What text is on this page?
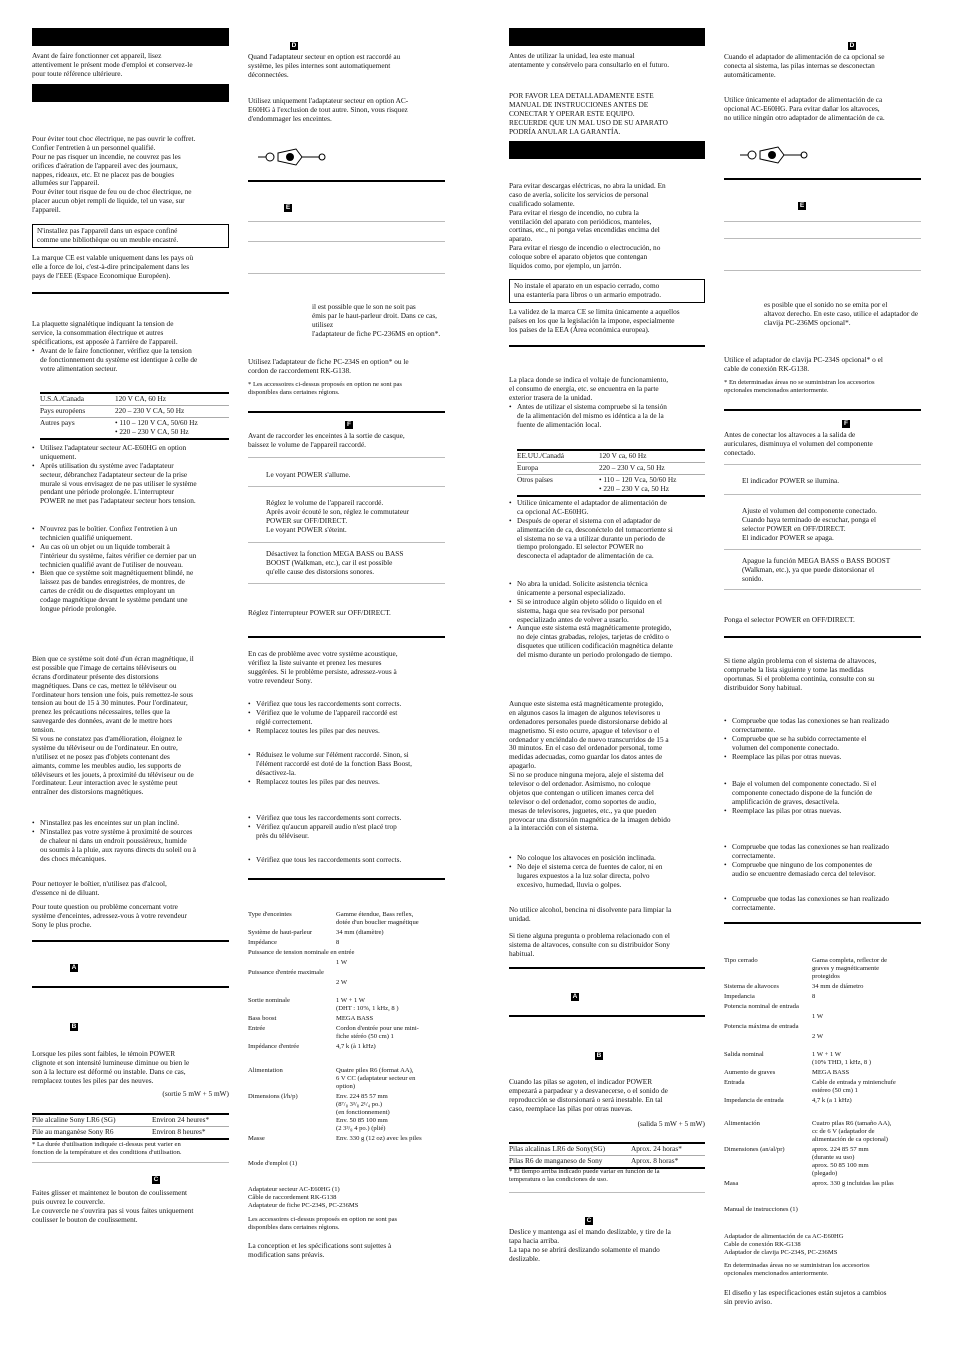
Avant de faire fonctionner cet appareil, lisez
attentivement le présent mode d'emploi et conservez-le
pour toute référence ultérieure.

Pour éviter tout choc électrique, ne pas ouvrir le coffret.
Confier l'entretien à un personnel qualifié.
Pour ne pas risquer un incendie, ne couvrez pas les
orifices d'aération de l'appareil avec des journaux,
nappes, rideaux, etc. Et ne placez pas de bougies
allumées sur l'appareil.
Pour éviter tout risque de feu ou de choc électrique, ne
placer aucun objet rempli de liquide, tel un vase, sur
l'appareil.

N'installez pas l'appareil dans un espace confiné
comme une bibliothèque ou un meuble encastré.

La marque CE est valable uniquement dans les pays où
elle a force de loi, c'est-à-dire principalement dans les
pays de l'EEE (Espace Economique Européen).

La plaquette signalétique indiquant la tension de
service, la consommation électrique et autres
spécifications, est apposée à l'arrière de l'appareil.

• Avant de le faire fonctionner, vérifiez que la tension
de fonctionnement du système est identique à celle de
votre alimentation secteur.
U.S.A./Canada	120 V CA, 60 Hz
Pays européens	220 – 230 V CA, 50 Hz
Autres pays	• 110 – 120 V CA, 50/60 Hz
• 220 – 230 V CA, 50 Hz
• Utilisez l'adaptateur secteur AC-E60HG en option
uniquement.
• Après utilisation du système avec l'adaptateur
secteur, débranchez l'adaptateur secteur de la prise
murale si vous envisagez de ne pas utiliser le système
pendant une période prolongée. L'interrupteur
POWER ne met pas l'adaptateur secteur hors tension.
• N'ouvrez pas le boîtier. Confiez l'entretien à un
technicien qualifié uniquement.
• Au cas où un objet ou un liquide tomberait à
l'intérieur du système, faites vérifier ce dernier par un
technicien qualifié avant de l'utiliser de nouveau.
• Bien que ce système soit magnétiquement blindé, ne
laissez pas de bandes enregistrées, de montres, de
cartes de crédit ou de disquettes employant un
codage magnétique devant le système pendant une
longue période prolongée.

Bien que ce système soit doté d'un écran magnétique, il
est possible que l'image de certains téléviseurs ou
écrans d'ordinateur présente des distorsions
magnétiques. Dans ce cas, mettez le téléviseur ou
l'ordinateur hors tension une fois, puis remettez-le sous
tension au bout de 15 à 30 minutes. Pour l'ordinateur,
prenez les précautions nécessaires, telles que la
sauvegarde des données, avant de le mettre hors
tension.
Si vous ne constatez pas d'amélioration, éloignez le
système du téléviseur ou de l'ordinateur. En outre,
n'utilisez et ne posez pas d'objets contenant des
aimants, comme les meubles audio, les supports de
téléviseurs et les jouets, à proximité du téléviseur ou de
l'ordinateur. Leur interaction avec le système peut
entraîner des distorsions magnétiques.

• N'installez pas les enceintes sur un plan incliné.
• N'installez pas votre système à proximité de sources
de chaleur ni dans un endroit poussiéreux, humide
ou soumis à la pluie, aux rayons directs du soleil ou à
des chocs mécaniques.

Pour nettoyer le boîtier, n'utilisez pas d'alcool,
d'essence ni de diluant.

Pour toute question ou problème concernant votre
système d'enceintes, adressez-vous à votre revendeur
Sony le plus proche.

A
B

Lorsque les piles sont faibles, le témoin POWER
clignote et son intensité lumineuse diminue ou bien le
son à la lecture est déformé ou instable. Dans ce cas,
remplacez toutes les piles par des neuves.

(sortie 5 mW + 5 mW)

Pile alcaline Sony LR6 (SG)	Environ 24 heures*
Pile au manganèse Sony R6	Environ 8 heures*

* La durée d'utilisation indiquée ci-dessus peut varier en
fonction de la température et des conditions d'utilisation.

C

Faites glisser et maintenez le bouton de coulissement
puis ouvrez le couvercle.
Le couvercle ne s'ouvrira pas si vous faites uniquement
coulisser le bouton de coulissement.

D

Quand l'adaptateur secteur en option est raccordé au
système, les piles internes sont automatiquement
déconnectées.

Utilisez uniquement l'adaptateur secteur en option AC-
E60HG à l'exclusion de tout autre. Sinon, vous risquez
d'endommager les enceintes.

E

il est possible que le son ne soit pas
émis par le haut-parleur droit. Dans ce cas, utilisez
l'adaptateur de fiche PC-236MS en option*.

Utilisez l'adaptateur de fiche PC-234S en option* ou le
cordon de raccordement RK-G138.

* Les accessoires ci-dessus proposés en option ne sont pas
disponibles dans certaines régions.

F

Avant de raccorder les enceintes à la sortie de casque,
baissez le volume de l'appareil raccordé.

Le voyant POWER s'allume.

Réglez le volume de l'appareil raccordé.
Après avoir écouté le son, réglez le commutateur
POWER sur OFF/DIRECT.
Le voyant POWER s'éteint.

Désactivez la fonction MEGA BASS ou BASS
BOOST (Walkman, etc.), car il est possible
qu'elle cause des distorsions sonores.

Réglez l'interrupteur POWER sur OFF/DIRECT.

En cas de problème avec votre système acoustique,
vérifiez la liste suivante et prenez les mesures
suggérées. Si le problème persiste, adressez-vous à
votre revendeur Sony.

• Vérifiez que tous les raccordements sont corrects.
• Vérifiez que le volume de l'appareil raccordé est
réglé correctement.
• Remplacez toutes les piles par des neuves.
• Réduisez le volume sur l'élément raccordé. Sinon, si
l'élément raccordé est doté de la fonction Bass Boost,
désactivez-la.
• Remplacez toutes les piles par des neuves.
• Vérifiez que tous les raccordements sont corrects.
• Vérifiez qu'aucun appareil audio n'est placé trop
près du téléviseur.
• Vérifiez que tous les raccordements sont corrects.
Type d'enceintes	Gamme étendue, Bass reflex,
dotée d'un bouclier magnétique
Système de haut-parleur	34 mm (diamètre)
Impédance	8
Puissance de tension nominale en entrée	
	1 W
Puissance d'entrée maximale	
	2 W
Sortie nominale	1 W + 1 W
(DHT : 10%, 1 kHz, 8 )
Bass boost	MEGA BASS
Entrée	Cordon d'entrée pour une mini-
fiche stéréo (50 cm) 1
Impédance d'entrée	4,7 k (à 1 kHz)
Alimentation	Quatre piles R6 (format AA),
6 V CC (adaptateur secteur en
option)
Dimensions (l/h/p)	Env. 224 85 57 mm
(8⁷/₈ 3³/₈ 2¹/₄ po.)
(en fonctionnement)
Env. 50 85 100 mm
(2 3³/₈ 4 po.) (plié)
Masse	Env. 330 g (12 oz) avec les piles

Mode d'emploi (1)

Adaptateur secteur AC-E60HG (1)
Câble de raccordement RK-G138
Adaptateur de fiche PC-234S, PC-236MS

Les accessoires ci-dessus proposés en option ne sont pas
disponibles dans certaines régions.

La conception et les spécifications sont sujettes à
modification sans préavis.

Antes de utilizar la unidad, lea este manual
atentamente y consérvelo para consultarlo en el futuro.

POR FAVOR LEA DETALLADAMENTE ESTE
MANUAL DE INSTRUCCIONES ANTES DE
CONECTAR Y OPERAR ESTE EQUIPO.
RECUERDE QUE UN MAL USO DE SU APARATO
PODRÍA ANULAR LA GARANTÍA.

Para evitar descargas eléctricas, no abra la unidad. En
caso de avería, solicite los servicios de personal
cualificado solamente.
Para evitar el riesgo de incendio, no cubra la
ventilación del aparato con periódicos, manteles,
cortinas, etc., ni ponga velas encendidas encima del
aparato.
Para evitar el riesgo de incendio o electrocución, no
coloque sobre el aparato objetos que contengan
líquidos como, por ejemplo, un jarrón.

No instale el aparato en un espacio cerrado, como
una estantería para libros o un armario empotrado.

La validez de la marca CE se limita únicamente a aquellos
países en los que la legislación la impone, especialmente
los países de la EEA (Área económica europea).

La placa donde se indica el voltaje de funcionamiento,
el consumo de energía, etc. se encuentra en la parte
exterior trasera de la unidad.

• Antes de utilizar el sistema compruebe si la tensión
de la alimentación del mismo es idéntica a la de la
fuente de alimentación local.
EE.UU./Canadá	120 V ca, 60 Hz
Europa	220 – 230 V ca, 50 Hz
Otros países	• 110 – 120 Vca, 50/60 Hz
• 220 – 230 V ca, 50 Hz
• Utilice únicamente el adaptador de alimentación de
ca opcional AC-E60HG.
• Después de operar el sistema con el adaptador de
alimentación de ca, desconéctelo del tomacorriente si
el sistema no se va a utilizar durante un periodo de
tiempo prolongado. El selector POWER no
desconecta el adaptador de alimentación de ca.
• No abra la unidad. Solicite asistencia técnica
únicamente a personal especializado.
• Si se introduce algún objeto sólido o líquido en el
sistema, haga que sea revisado por personal
especializado antes de volver a usarlo.
• Aunque este sistema está magnéticamente protegido,
no deje cintas grabadas, relojes, tarjetas de crédito o
disquetes que utilicen codificación magnética delante
del mismo durante un periodo prolongado de tiempo.

Aunque este sistema está magnéticamente protegido,
en algunos casos la imagen de algunos televisores u
ordenadores personales puede distorsionarse debido al
magnetismo. Si esto ocurre, apague el televisor o el
ordenador y enciéndalo de nuevo transcurridos de 15 a
30 minutos. En el caso del ordenador personal, tome
medidas adecuadas, como guardar los datos antes de
apagarlo.
Si no se produce ninguna mejora, aleje el sistema del
televisor o del ordenador. Asimismo, no coloque
objetos que contengan o utilicen imanes cerca del
televisor o del ordenador, como soportes de audio,
mesas de televisores, juguetes, etc., ya que pueden
provocar una distorsión magnética de la imagen debido
a la interacción con el sistema.

• No coloque los altavoces en posición inclinada.
• No deje el sistema cerca de fuentes de calor, ni en
lugares expuestos a la luz solar directa, polvo
excesivo, humedad, lluvia o golpes.

No utilice alcohol, bencina ni disolvente para limpiar la
unidad.

Si tiene alguna pregunta o problema relacionado con el
sistema de altavoces, consulte con su distribuidor Sony
habitual.

A
B

Cuando las pilas se agoten, el indicador POWER
empezará a parpadear y a desvanecerse, o el sonido de
reproducción se distorsionará o será inestable. En tal
caso, reemplace las pilas por otras nuevas.

(salida 5 mW + 5 mW)

Pilas alcalinas LR6 de Sony(SG)	Aprox. 24 horas*
Pilas R6 de manganeso de Sony	Aprox. 8 horas*

* El tiempo arriba indicado puede variar en función de la
temperatura o las condiciones de uso.

C

Deslice y mantenga así el mando deslizable, y tire de la
tapa hacia arriba.
La tapa no se abrirá deslizando solamente el mando
deslizable.

D

Cuando el adaptador de alimentación de ca opcional se
conecta al sistema, las pilas internas se desconectan
automáticamente.

Utilice únicamente el adaptador de alimentación de ca
opcional AC-E60HG. Para evitar dañar los altavoces,
no utilice ningún otro adaptador de alimentación de ca.

E

es posible que el sonido no se emita por el
altavoz derecho. En este caso, utilice el adaptador de
clavija PC-236MS opcional*.

Utilice el adaptador de clavija PC-234S opcional* o el
cable de conexión RK-G138.

* En determinadas áreas no se suministran los accesorios
opcionales mencionados anteriormente.

F

Antes de conectar los altavoces a la salida de
auriculares, disminuya el volumen del componente
conectado.

El indicador POWER se ilumina.

Ajuste el volumen del componente conectado.
Cuando haya terminado de escuchar, ponga el
selector POWER en OFF/DIRECT.
El indicador POWER se apaga.

Apague la función MEGA BASS o BASS BOOST
(Walkman, etc.), ya que puede distorsionar el
sonido.

Ponga el selector POWER en OFF/DIRECT.

Si tiene algún problema con el sistema de altavoces,
compruebe la lista siguiente y tome las medidas
oportunas. Si el problema continúa, consulte con su
distribuidor Sony habitual.

• Compruebe que todas las conexiones se han realizado
correctamente.
• Compruebe que se ha subido correctamente el
volumen del componente conectado.
• Reemplace las pilas por otras nuevas.
• Baje el volumen del componente conectado. Si el
componente conectado dispone de la función de
amplificación de graves, desactívela.
• Reemplace las pilas por otras nuevas.
• Compruebe que todas las conexiones se han realizado
correctamente.
• Compruebe que ninguno de los componentes de
audio se encuentre demasiado cerca del televisor.
• Compruebe que todas las conexiones se han realizado
correctamente.
Tipo cerrado	Gama completa, reflector de
graves y magnéticamente
protegidos
Sistema de altavoces	34 mm de diámetro
Impedancia	8
Potencia nominal de entrada	
	1 W
Potencia máxima de entrada	
	2 W
Salida nominal	1 W + 1 W
(10% THD, 1 kHz, 8 )
Aumento de graves	MEGA BASS
Entrada	Cable de entrada y minienchufe
estéreo (50 cm) 1
Impedancia de entrada	4,7 k (a 1 kHz)
Alimentación	Cuatro pilas R6 (tamaño AA),
cc de 6 V (adaptador de
alimentación de ca opcional)
Dimensiones (an/al/pr)	aprox. 224 85 57 mm
(durante su uso)
aprox. 50 85 100 mm
(plegado)
Masa	aprox. 330 g incluidas las pilas

Manual de instrucciones (1)

Adaptador de alimentación de ca AC-E60HG
Cable de conexión RK-G138
Adaptador de clavija PC-234S, PC-236MS

En determinadas áreas no se suministran los accesorios
opcionales mencionados anteriormente.

El diseño y las especificaciones están sujetos a cambios
sin previo aviso.
